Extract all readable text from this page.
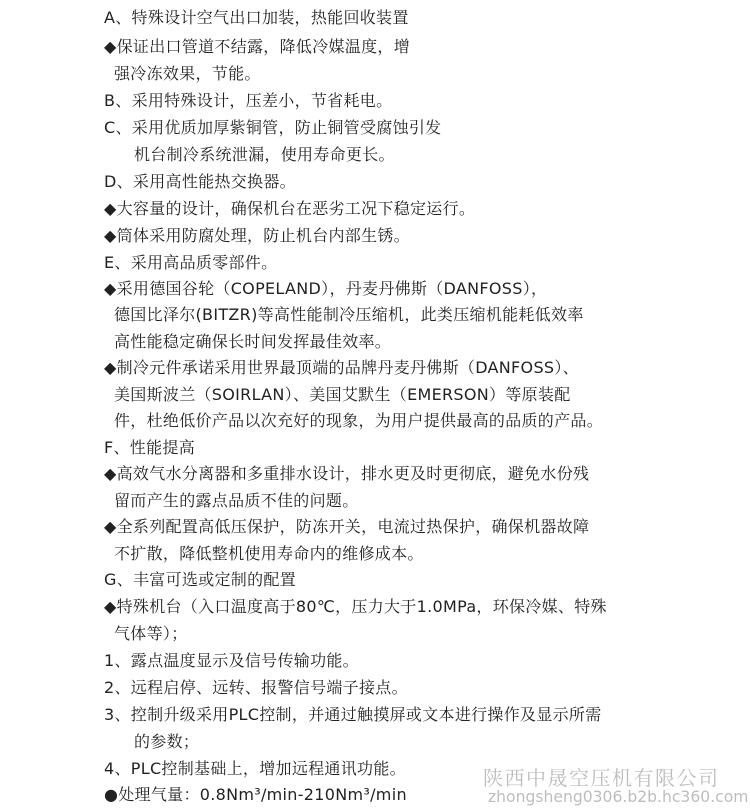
A、特殊设计空气出口加装，热能回收装置
◆保证出口管道不结露，降低冷媒温度，增
强冷冻效果，节能。
B、采用特殊设计，压差小，节省耗电。
C、采用优质加厚紫铜管，防止铜管受腐蚀引发
机台制冷系统泄漏，使用寿命更长。
D、采用高性能热交换器。
◆大容量的设计，确保机台在恶劣工况下稳定运行。
◆筒体采用防腐处理，防止机台内部生锈。
E、采用高品质零部件。
◆采用德国谷轮（COPELAND），丹麦丹佛斯（DANFOSS），
德国比泽尔(BITZR)等高性能制冷压缩机，此类压缩机能耗低效率
高性能稳定确保长时间发挥最佳效率。
◆制冷元件承诺采用世界最顶端的品牌丹麦丹佛斯（DANFOSS）、
美国斯波兰（SOIRLAN）、美国艾默生（EMERSON）等原装配
件，杜绝低价产品以次充好的现象，为用户提供最高的品质的产品。
F、性能提高
◆高效气水分离器和多重排水设计，排水更及时更彻底，避免水份残
留而产生的露点品质不佳的问题。
◆全系列配置高低压保护，防冻开关，电流过热保护，确保机器故障
不扩散，降低整机使用寿命内的维修成本。
G、丰富可选或定制的配置
◆特殊机台（入口温度高于80℃，压力大于1.0MPa，环保冷媒、特殊
气体等）；
1、露点温度显示及信号传输功能。
2、远程启停、远转、报警信号端子接点。
3、控制升级采用PLC控制，并通过触摸屏或文本进行操作及显示所需
的参数；
4、PLC控制基础上，增加远程通讯功能。
●处理气量：0.8Nm³/min-210Nm³/min
陕西中晟空压机有限公司
zhongsheng0306.b2b.hc360.com
